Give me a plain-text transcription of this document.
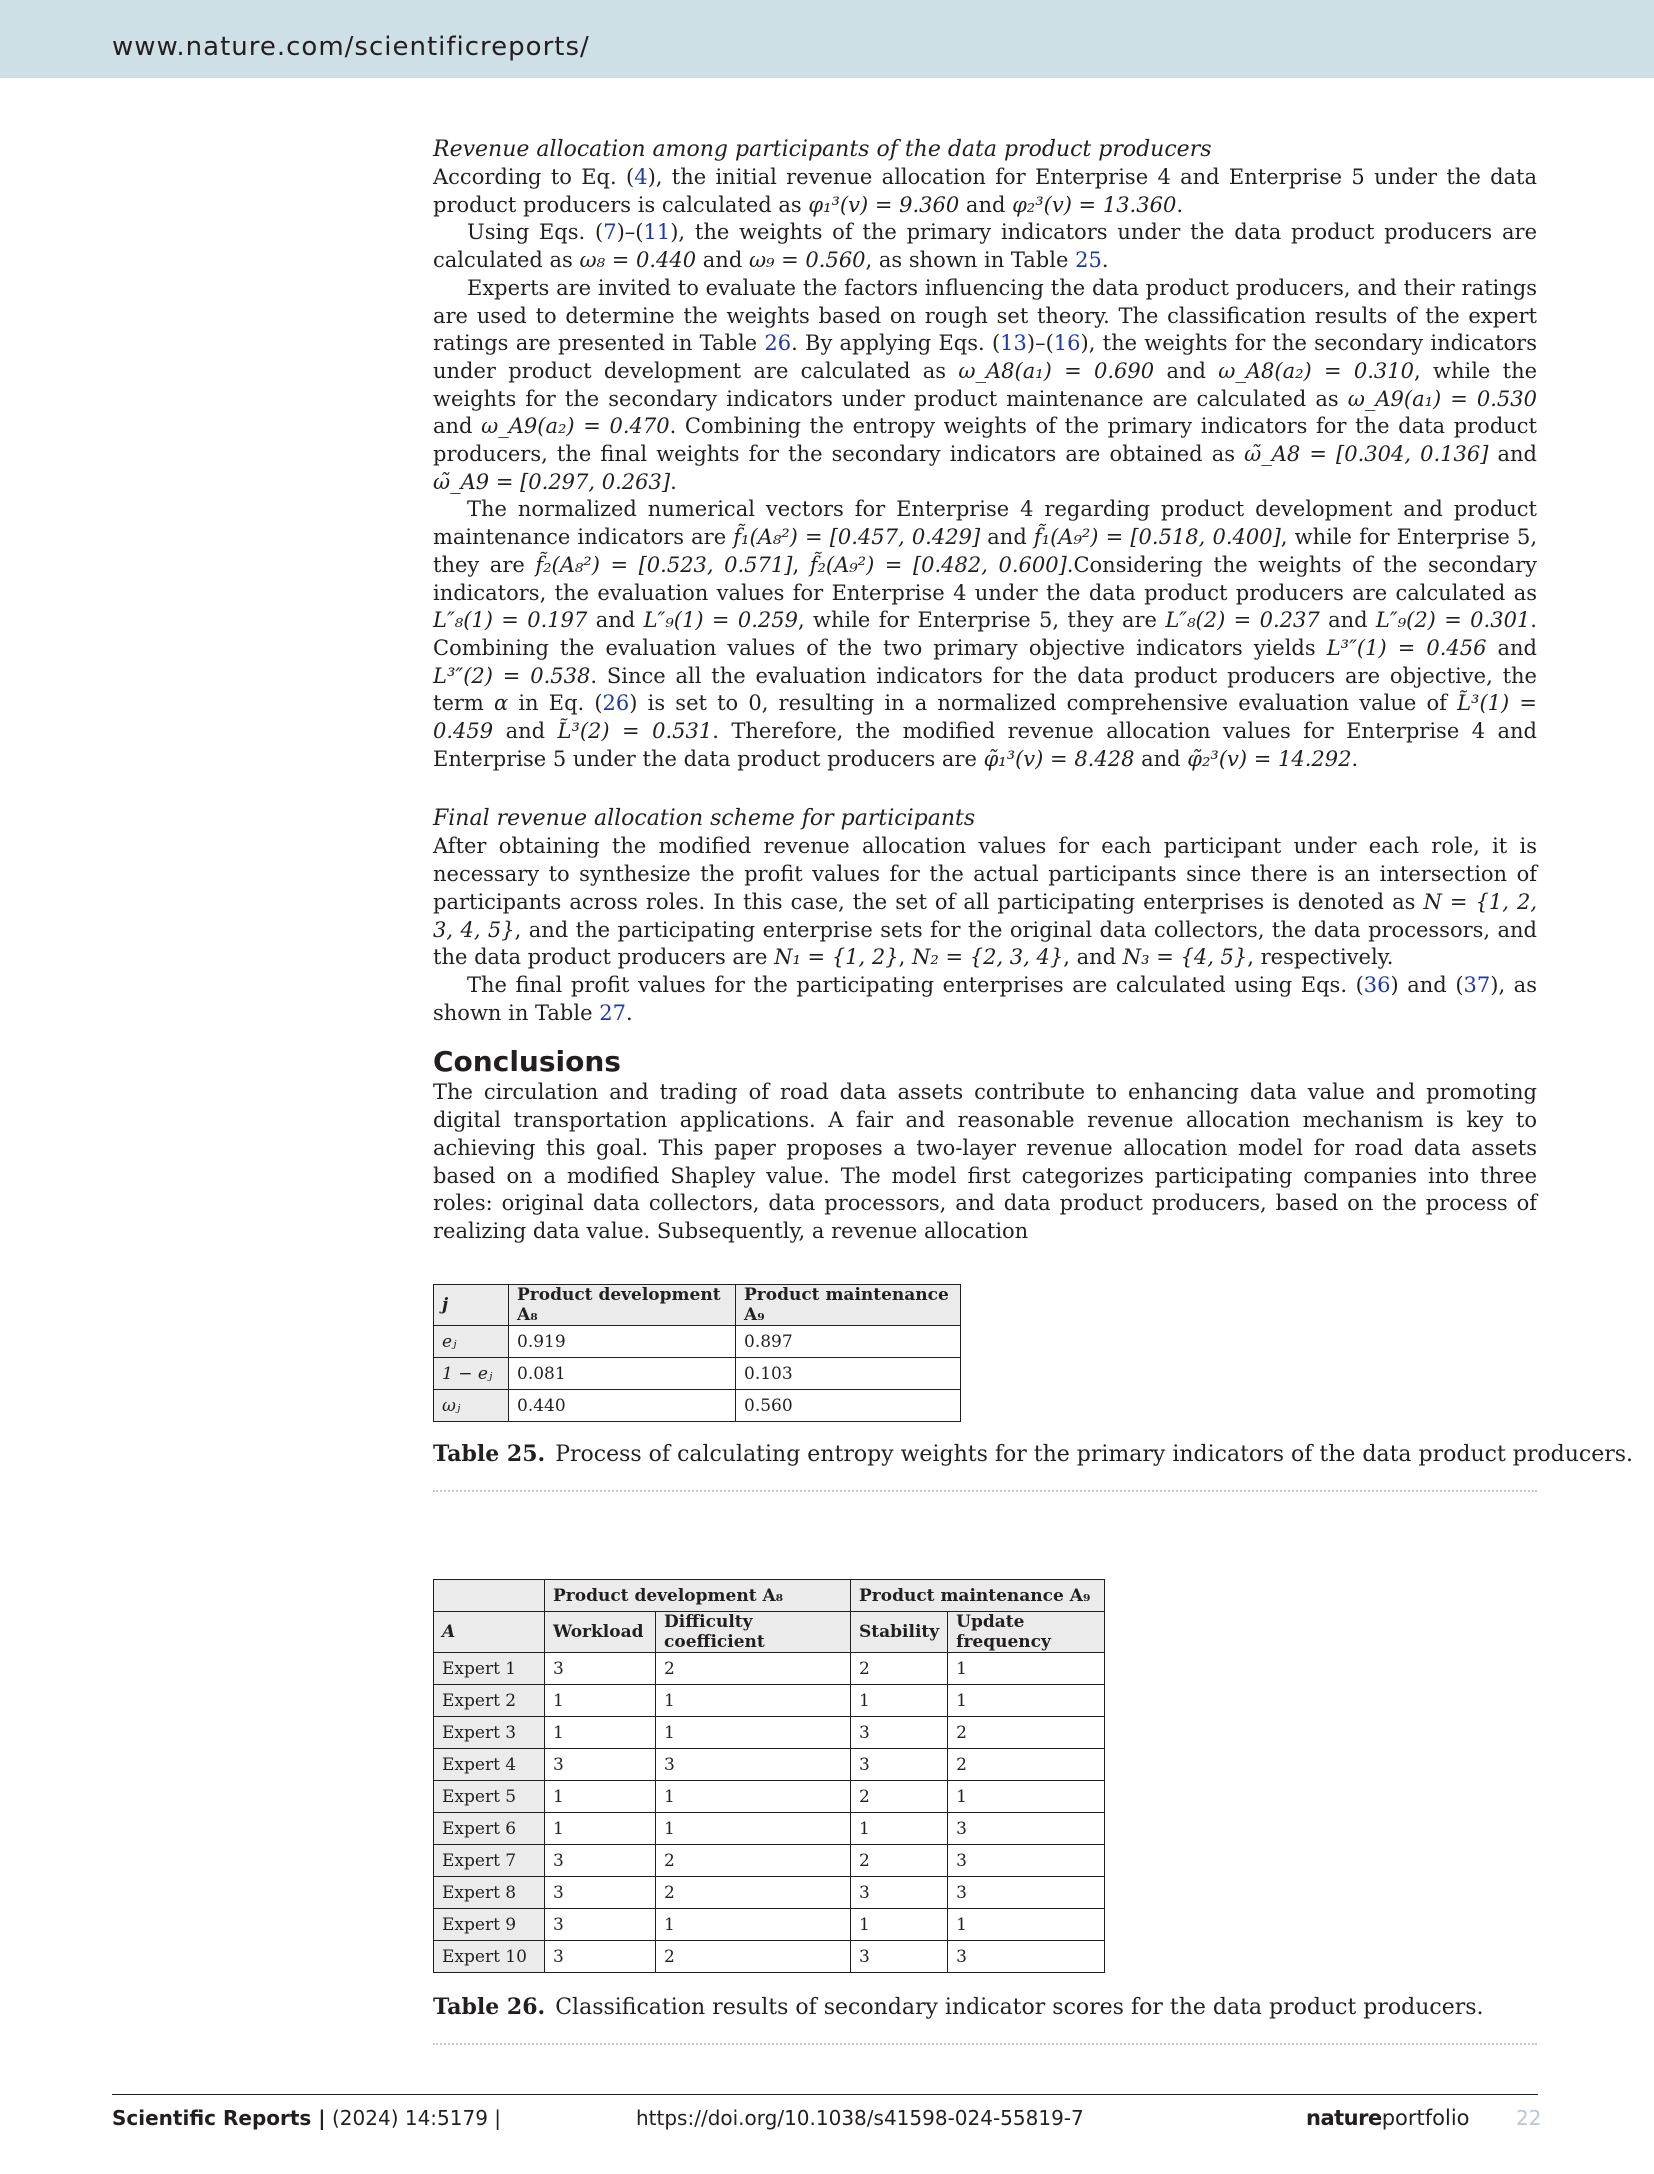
www.nature.com/scientificreports/
Revenue allocation among participants of the data product producers

According to Eq. (4), the initial revenue allocation for Enterprise 4 and Enterprise 5 under the data product producers is calculated as φ₁³(v) = 9.360 and φ₂³(v) = 13.360.

Using Eqs. (7)–(11), the weights of the primary indicators under the data product producers are calculated as ω₈ = 0.440 and ω₉ = 0.560, as shown in Table 25.

Experts are invited to evaluate the factors influencing the data product producers, and their ratings are used to determine the weights based on rough set theory. The classification results of the expert ratings are presented in Table 26. By applying Eqs. (13)–(16), the weights for the secondary indicators under product development are calculated as ω_A8(a₁) = 0.690 and ω_A8(a₂) = 0.310, while the weights for the secondary indicators under product maintenance are calculated as ω_A9(a₁) = 0.530 and ω_A9(a₂) = 0.470. Combining the entropy weights of the primary indicators for the data product producers, the final weights for the secondary indicators are obtained as ω̃_A8 = [0.304, 0.136] and ω̃_A9 = [0.297, 0.263].

The normalized numerical vectors for Enterprise 4 regarding product development and product maintenance indicators are f̃₁(A₈²) = [0.457, 0.429] and f̃₁(A₉²) = [0.518, 0.400], while for Enterprise 5, they are f̃₂(A₈²) = [0.523, 0.571], f̃₂(A₉²) = [0.482, 0.600].Considering the weights of the secondary indicators, the evaluation values for Enterprise 4 under the data product producers are calculated as L″₈(1) = 0.197 and L″₉(1) = 0.259, while for Enterprise 5, they are L″₈(2) = 0.237 and L″₉(2) = 0.301. Combining the evaluation values of the two primary objective indicators yields L³″(1) = 0.456 and L³″(2) = 0.538. Since all the evaluation indicators for the data product producers are objective, the term α in Eq. (26) is set to 0, resulting in a normalized comprehensive evaluation value of L̃³(1) = 0.459 and L̃³(2) = 0.531. Therefore, the modified revenue allocation values for Enterprise 4 and Enterprise 5 under the data product producers are φ̃₁³(v) = 8.428 and φ̃₂³(v) = 14.292.

Final revenue allocation scheme for participants

After obtaining the modified revenue allocation values for each participant under each role, it is necessary to synthesize the profit values for the actual participants since there is an intersection of participants across roles. In this case, the set of all participating enterprises is denoted as N = {1, 2, 3, 4, 5}, and the participating enterprise sets for the original data collectors, the data processors, and the data product producers are N₁ = {1, 2}, N₂ = {2, 3, 4}, and N₃ = {4, 5}, respectively.

The final profit values for the participating enterprises are calculated using Eqs. (36) and (37), as shown in Table 27.

Conclusions

The circulation and trading of road data assets contribute to enhancing data value and promoting digital transportation applications. A fair and reasonable revenue allocation mechanism is key to achieving this goal. This paper proposes a two-layer revenue allocation model for road data assets based on a modified Shapley value. The model first categorizes participating companies into three roles: original data collectors, data processors, and data product producers, based on the process of realizing data value. Subsequently, a revenue allocation

j	Product development A₈	Product maintenance A₉
eⱼ	0.919	0.897
1 − eⱼ	0.081	0.103
ωⱼ	0.440	0.560
Table 25. Process of calculating entropy weights for the primary indicators of the data product producers.
	Product development A₈		Product maintenance A₉	
A	Workload	Difficulty coefficient	Stability	Update frequency
Expert 1	3	2	2	1
Expert 2	1	1	1	1
Expert 3	1	1	3	2
Expert 4	3	3	3	2
Expert 5	1	1	2	1
Expert 6	1	1	1	3
Expert 7	3	2	2	3
Expert 8	3	2	3	3
Expert 9	3	1	1	1
Expert 10	3	2	3	3
Table 26. Classification results of secondary indicator scores for the data product producers.
Scientific Reports | (2024) 14:5179 |	https://doi.org/10.1038/s41598-024-55819-7	natureportfolio 22
